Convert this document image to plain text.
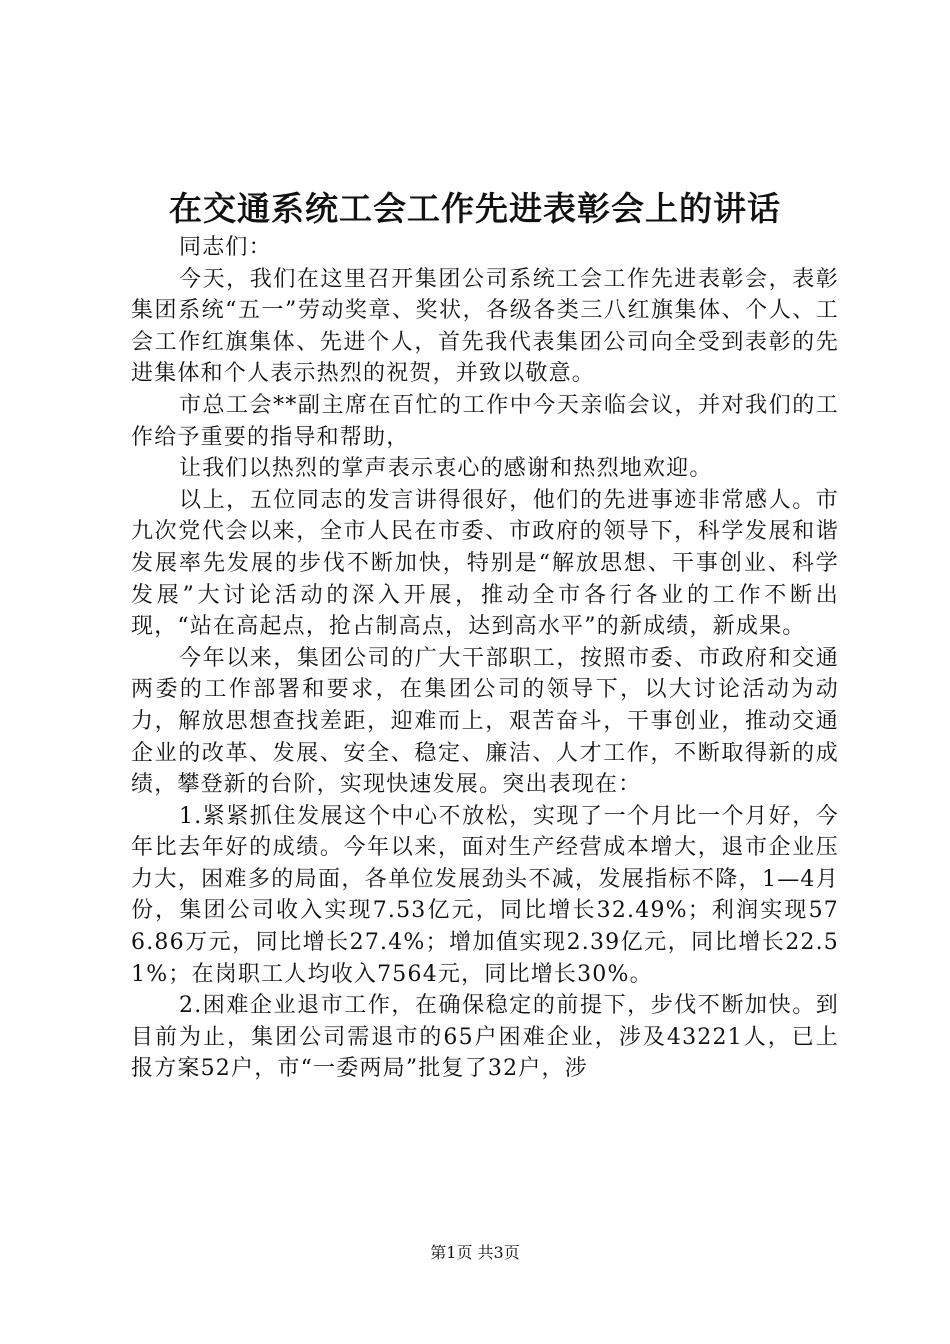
在交通系统工会工作先进表彰会上的讲话

同志们：

今天，我们在这里召开集团公司系统工会工作先进表彰会，表彰集团系统“五一”劳动奖章、奖状，各级各类三八红旗集体、个人、工会工作红旗集体、先进个人，首先我代表集团公司向全受到表彰的先进集体和个人表示热烈的祝贺，并致以敬意。

市总工会**副主席在百忙的工作中今天亲临会议，并对我们的工作给予重要的指导和帮助，

让我们以热烈的掌声表示衷心的感谢和热烈地欢迎。

以上，五位同志的发言讲得很好，他们的先进事迹非常感人。市九次党代会以来，全市人民在市委、市政府的领导下，科学发展和谐发展率先发展的步伐不断加快，特别是“解放思想、干事创业、科学发展”大讨论活动的深入开展，推动全市各行各业的工作不断出现，“站在高起点，抢占制高点，达到高水平”的新成绩，新成果。

今年以来，集团公司的广大干部职工，按照市委、市政府和交通两委的工作部署和要求，在集团公司的领导下，以大讨论活动为动力，解放思想查找差距，迎难而上，艰苦奋斗，干事创业，推动交通企业的改革、发展、安全、稳定、廉洁、人才工作，不断取得新的成绩，攀登新的台阶，实现快速发展。突出表现在：

1.紧紧抓住发展这个中心不放松，实现了一个月比一个月好，今年比去年好的成绩。今年以来，面对生产经营成本增大，退市企业压力大，困难多的局面，各单位发展劲头不减，发展指标不降，1—4月份，集团公司收入实现7.53亿元，同比增长32.49%；利润实现576.86万元，同比增长27.4%；增加值实现2.39亿元，同比增长22.51%；在岗职工人均收入7564元，同比增长30%。

2.困难企业退市工作，在确保稳定的前提下，步伐不断加快。到目前为止，集团公司需退市的65户困难企业，涉及43221人，已上报方案52户，市“一委两局”批复了32户，涉

第1页 共3页
